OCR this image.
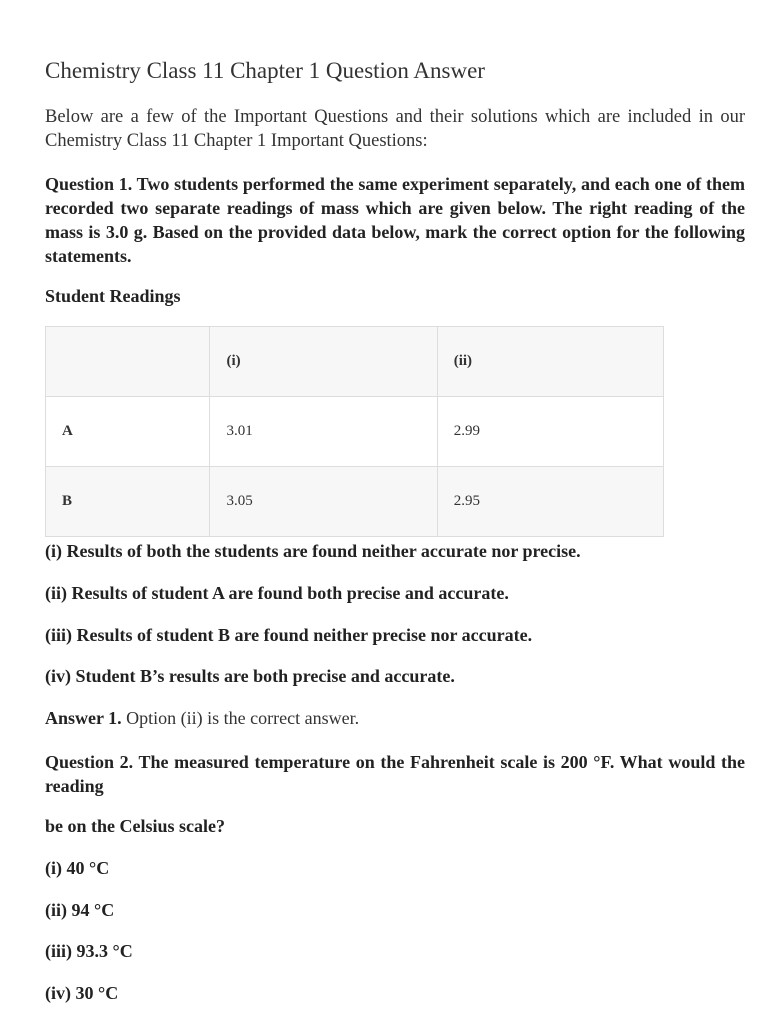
Chemistry Class 11 Chapter 1 Question Answer

Below are a few of the Important Questions and their solutions which are included in our Chemistry Class 11 Chapter 1 Important Questions:

Question 1. Two students performed the same experiment separately, and each one of them recorded two separate readings of mass which are given below. The right reading of the mass is 3.0 g. Based on the provided data below, mark the correct option for the following statements.

Student Readings

	(i)	(ii)
A	3.01	2.99
B	3.05	2.95

(i) Results of both the students are found neither accurate nor precise.

(ii) Results of student A are found both precise and accurate.

(iii) Results of student B are found neither precise nor accurate.

(iv) Student B’s results are both precise and accurate.

Answer 1. Option (ii) is the correct answer.

Question 2. The measured temperature on the Fahrenheit scale is 200 °F. What would the reading

be on the Celsius scale?

(i) 40 °C

(ii) 94 °C

(iii) 93.3 °C

(iv) 30 °C
